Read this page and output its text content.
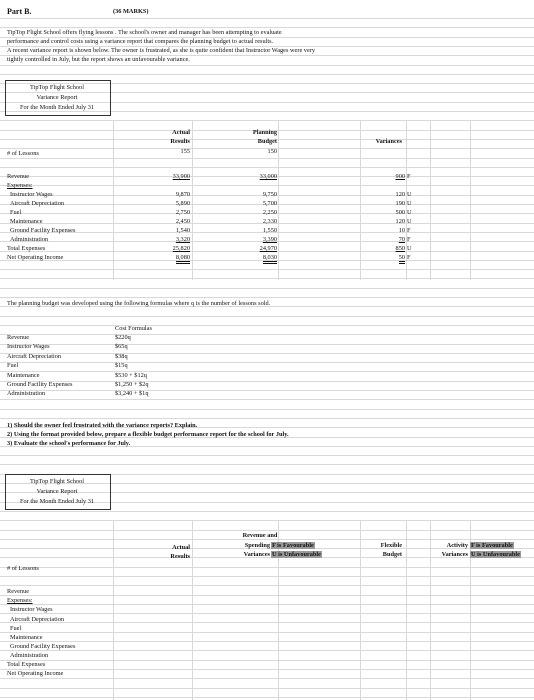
Part B.	(36 MARKS)
TipTop Flight School offers flying lessons . The school's owner and manager has been attempting to evaluate
performance and control costs using a variance report that compares the planning budget to actual results.
A recent variance report is shown below. The owner is frustrated, as she is quite confident that Instructor Wages were very
tightly controlled in July, but the report shows an unfavourable variance.
TipTop Flight School
Variance Report
For the Month Ended July 31
Actual
Results
Planning
Budget	Variances
# of Lessons	155	150
Revenue	33,900	33,000	900 F
Expenses:
Instructor Wages	9,870	9,750	120 U
Aircraft Depreciation	5,890	5,700	190 U
Fuel	2,750	2,250	500 U
Maintenance	2,450	2,330	120 U
Ground Facility Expenses	1,540	1,550	10 F
Administration	3,320	3,390	70 F
Total Expenses	25,820	24,970	850 U
Net Operating Income	8,080	8,030	50 F
The planning budget was developed using the following formulas where q is the number of lessons sold.
Cost Formulas
Revenue	$220q
Instructor Wages	$65q
Aircraft Depreciation	$38q
Fuel	$15q
Maintenance	$530 + $12q
Ground Facility Expenses	$1,250 + $2q
Administration	$3,240 + $1q
1) Should the owner feel frustrated with the variance reports? Explain.
2) Using the format provided below, prepare a flexible budget performance report for the school for July.
3) Evaluate the school's performance for July.
TipTop Flight School
Variance Report
For the Month Ended July 31
Actual
Results
Revenue and
Spending
Variances
F is Favourable
U is Unfavourable
Flexible
Budget
Activity
Variances
F is Favourable
U is Unfavourable
# of Lessons
Revenue
Expenses:
Instructor Wages
Aircraft Depreciation
Fuel
Maintenance
Ground Facility Expenses
Administration
Total Expenses
Net Operating Income
